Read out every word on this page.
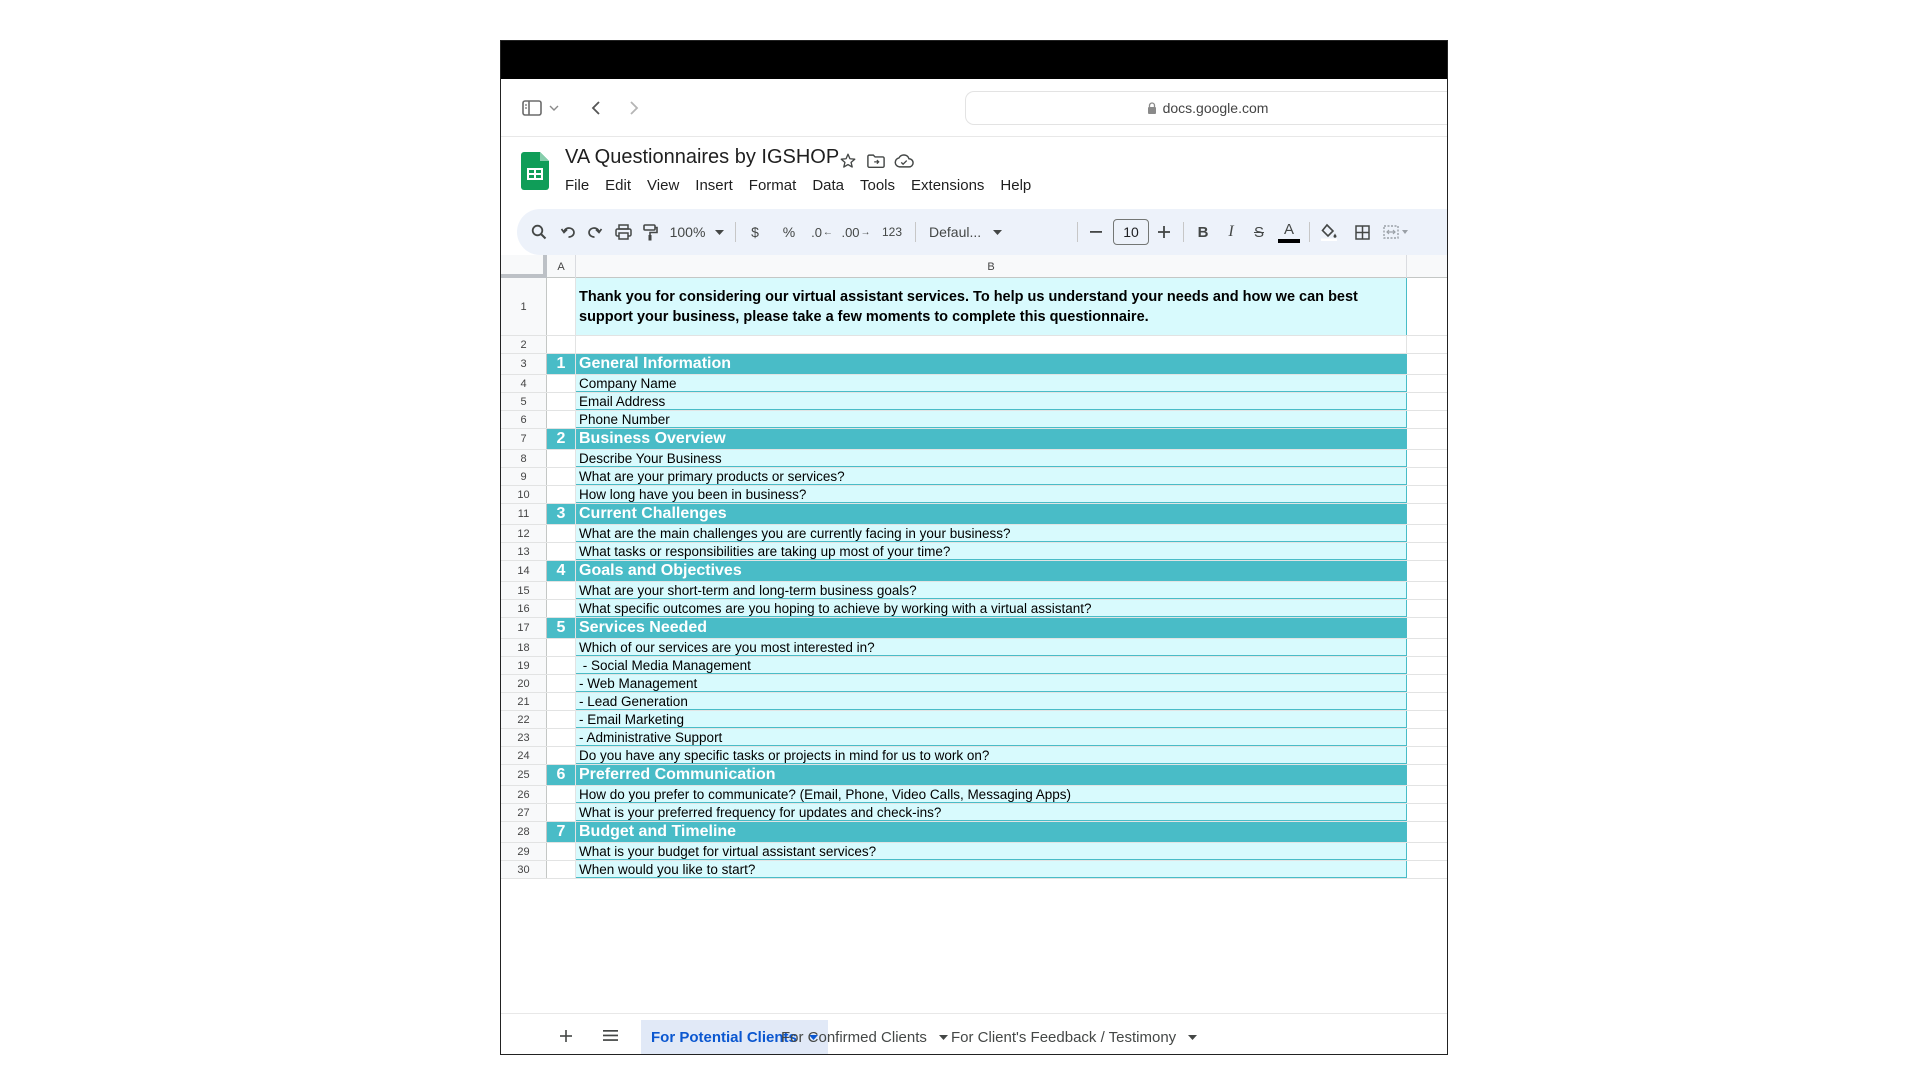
docs.google.com
VA Questionnaires by IGSHOP
File	Edit	View	Insert	Format	Data	Tools	Extensions	Help
100%	$ % .0 ← .00 → 123 Defaul...	10	B I S A
A	B
1
Thank you for considering our virtual assistant services. To help us understand your needs and how we can best support your business, please take a few moments to complete this questionnaire.
2
3	1 General Information
4	Company Name
5	Email Address
6	Phone Number
7	2 Business Overview
8	Describe Your Business
9	What are your primary products or services?
10	How long have you been in business?
11	3 Current Challenges
12	What are the main challenges you are currently facing in your business?
13	What tasks or responsibilities are taking up most of your time?
14	4 Goals and Objectives
15	What are your short-term and long-term business goals?
16	What specific outcomes are you hoping to achieve by working with a virtual assistant?
17	5 Services Needed
18	Which of our services are you most interested in?
19	- Social Media Management
20	- Web Management
21	- Lead Generation
22	- Email Marketing
23	- Administrative Support
24	Do you have any specific tasks or projects in mind for us to work on?
25	6 Preferred Communication
26	How do you prefer to communicate? (Email, Phone, Video Calls, Messaging Apps)
27	What is your preferred frequency for updates and check-ins?
28	7 Budget and Timeline
29	What is your budget for virtual assistant services?
30	When would you like to start?
For Potential Clients
For Confirmed Clients For Client's Feedback / Testimony
